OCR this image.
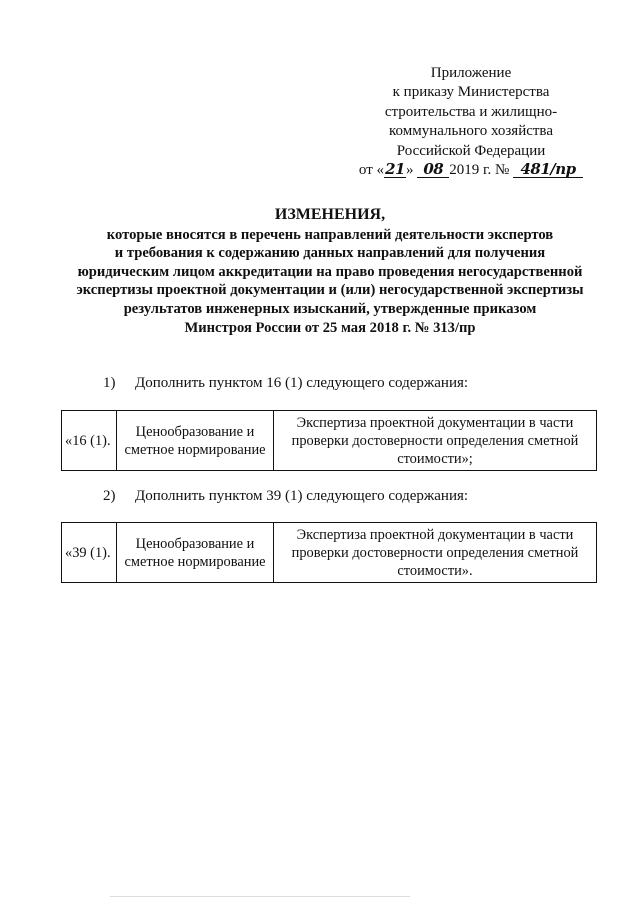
Приложение
к приказу Министерства
строительства и жилищно-
коммунального хозяйства
Российской Федерации
от «21» 08 2019 г. № 481/пр
ИЗМЕНЕНИЯ,
которые вносятся в перечень направлений деятельности экспертов
и требования к содержанию данных направлений для получения
юридическим лицом аккредитации на право проведения негосударственной
экспертизы проектной документации и (или) негосударственной экспертизы
результатов инженерных изысканий, утвержденные приказом
Минстроя России от 25 мая 2018 г. № 313/пр
1) Дополнить пунктом 16 (1) следующего содержания:
«16 (1).	Ценообразование и сметное нормирование	Экспертиза проектной документации в части проверки достоверности определения сметной стоимости»;
2) Дополнить пунктом 39 (1) следующего содержания:
«39 (1).	Ценообразование и сметное нормирование	Экспертиза проектной документации в части проверки достоверности определения сметной стоимости».
